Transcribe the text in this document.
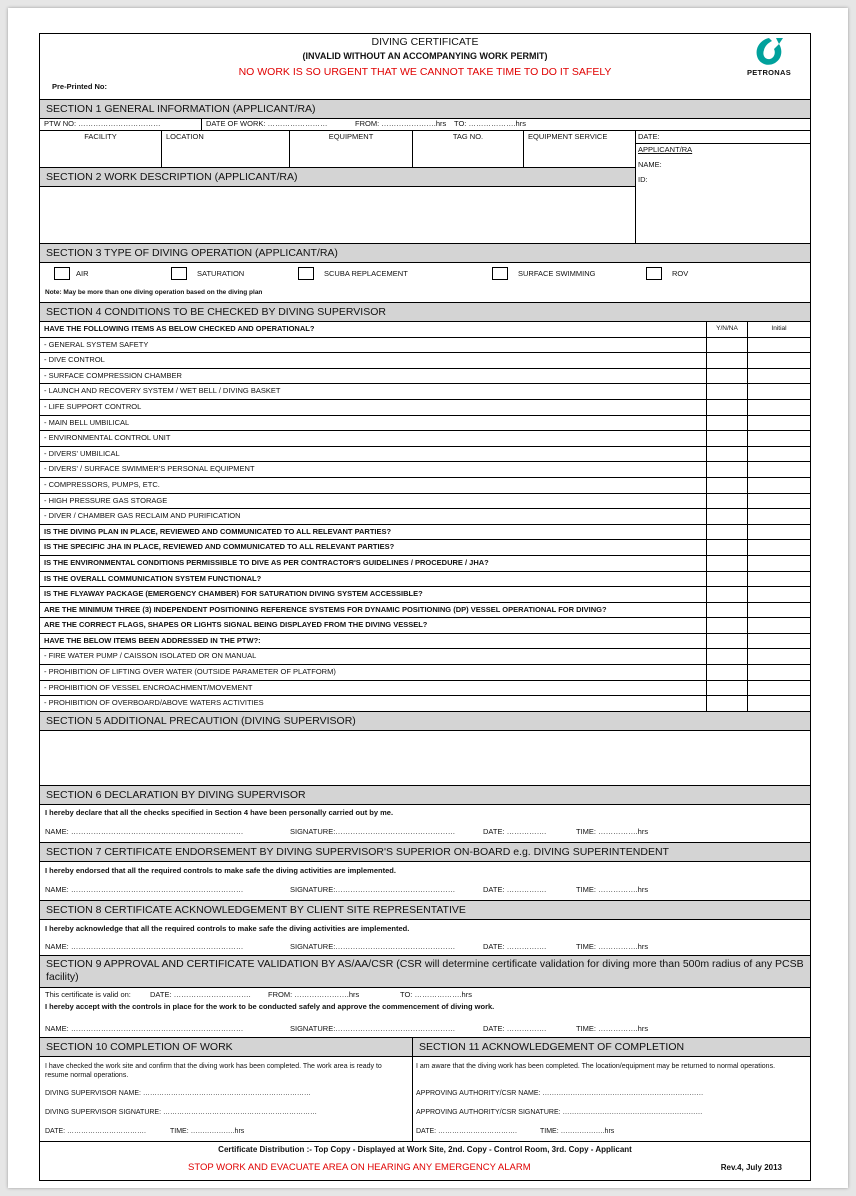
DIVING CERTIFICATE
(INVALID WITHOUT AN ACCOMPANYING WORK PERMIT)
NO WORK IS SO URGENT THAT WE CANNOT TAKE TIME TO DO IT SAFELY
Pre-Printed No:
PETRONAS
SECTION 1 GENERAL INFORMATION (APPLICANT/RA)
PTW NO: ……………………………	DATE OF WORK: ……………………	FROM: ………………….hrs TO: ……………….hrs
FACILITY	LOCATION	EQUIPMENT	TAG NO.	EQUIPMENT SERVICE
SECTION 2 WORK DESCRIPTION (APPLICANT/RA)
DATE:
APPLICANT/RA
NAME:
ID:
SECTION 3 TYPE OF DIVING OPERATION (APPLICANT/RA)
AIR	SATURATION	SCUBA REPLACEMENT	SURFACE SWIMMING	ROV
Note: May be more than one diving operation based on the diving plan
SECTION 4 CONDITIONS TO BE CHECKED BY DIVING SUPERVISOR
HAVE THE FOLLOWING ITEMS AS BELOW CHECKED AND OPERATIONAL?	Y/N/NA	Initial
- GENERAL SYSTEM SAFETY
- DIVE CONTROL
- SURFACE COMPRESSION CHAMBER
- LAUNCH AND RECOVERY SYSTEM / WET BELL / DIVING BASKET
- LIFE SUPPORT CONTROL
- MAIN BELL UMBILICAL
- ENVIRONMENTAL CONTROL UNIT
- DIVERS' UMBILICAL
- DIVERS' / SURFACE SWIMMER'S PERSONAL EQUIPMENT
- COMPRESSORS, PUMPS, ETC.
- HIGH PRESSURE GAS STORAGE
- DIVER / CHAMBER GAS RECLAIM AND PURIFICATION
IS THE DIVING PLAN IN PLACE, REVIEWED AND COMMUNICATED TO ALL RELEVANT PARTIES?
IS THE SPECIFIC JHA IN PLACE, REVIEWED AND COMMUNICATED TO ALL RELEVANT PARTIES?
IS THE ENVIRONMENTAL CONDITIONS PERMISSIBLE TO DIVE AS PER CONTRACTOR'S GUIDELINES / PROCEDURE / JHA?
IS THE OVERALL COMMUNICATION SYSTEM FUNCTIONAL?
IS THE FLYAWAY PACKAGE (EMERGENCY CHAMBER) FOR SATURATION DIVING SYSTEM ACCESSIBLE?
ARE THE MINIMUM THREE (3) INDEPENDENT POSITIONING REFERENCE SYSTEMS FOR DYNAMIC POSITIONING (DP) VESSEL OPERATIONAL FOR DIVING?
ARE THE CORRECT FLAGS, SHAPES OR LIGHTS SIGNAL BEING DISPLAYED FROM THE DIVING VESSEL?
HAVE THE BELOW ITEMS BEEN ADDRESSED IN THE PTW?:
- FIRE WATER PUMP / CAISSON ISOLATED OR ON MANUAL
- PROHIBITION OF LIFTING OVER WATER (OUTSIDE PARAMETER OF PLATFORM)
- PROHIBITION OF VESSEL ENCROACHMENT/MOVEMENT
- PROHIBITION OF OVERBOARD/ABOVE WATERS ACTIVITIES
SECTION 5 ADDITIONAL PRECAUTION (DIVING SUPERVISOR)
SECTION 6 DECLARATION BY DIVING SUPERVISOR
I hereby declare that all the checks specified in Section 4 have been personally carried out by me.
NAME: ……………………………………………………………	SIGNATURE:…………………………………………	DATE: …………….	TIME: …………….hrs
SECTION 7 CERTIFICATE ENDORSEMENT BY DIVING SUPERVISOR'S SUPERIOR ON-BOARD e.g. DIVING SUPERINTENDENT
I hereby endorsed that all the required controls to make safe the diving activities are implemented.
NAME: ……………………………………………………………	SIGNATURE:…………………………………………	DATE: …………….	TIME: …………….hrs
SECTION 8 CERTIFICATE ACKNOWLEDGEMENT BY CLIENT SITE REPRESENTATIVE
I hereby acknowledge that all the required controls to make safe the diving activities are implemented.
NAME: ……………………………………………………………	SIGNATURE:…………………………………………	DATE: …………….	TIME: …………….hrs
SECTION 9 APPROVAL AND CERTIFICATE VALIDATION BY AS/AA/CSR (CSR will determine certificate validation for diving more than 500m radius of any PCSB facility)
This certificate is valid on:	DATE: …………………………. FROM: ………………….hrs	TO: ……………….hrs
I hereby accept with the controls in place for the work to be conducted safely and approve the commencement of diving work.
NAME: ……………………………………………………………	SIGNATURE:…………………………………………	DATE: …………….	TIME: …………….hrs
SECTION 10 COMPLETION OF WORK
I have checked the work site and confirm that the diving work has been completed. The work area is ready to resume normal operations.
DIVING SUPERVISOR NAME: ………………………………………………………………
DIVING SUPERVISOR SIGNATURE: …………………………………………………………
DATE: …………………………….	TIME: ……………….hrs
SECTION 11 ACKNOWLEDGEMENT OF COMPLETION
I am aware that the diving work has been completed. The location/equipment may be returned to normal operations.
APPROVING AUTHORITY/CSR NAME: ……………………………………………………………
APPROVING AUTHORITY/CSR SIGNATURE: ……………………………………………………
DATE: …………………………….	TIME: ……………….hrs
Certificate Distribution :- Top Copy - Displayed at Work Site, 2nd. Copy - Control Room, 3rd. Copy - Applicant
STOP WORK AND EVACUATE AREA ON HEARING ANY EMERGENCY ALARM	Rev.4, July 2013
